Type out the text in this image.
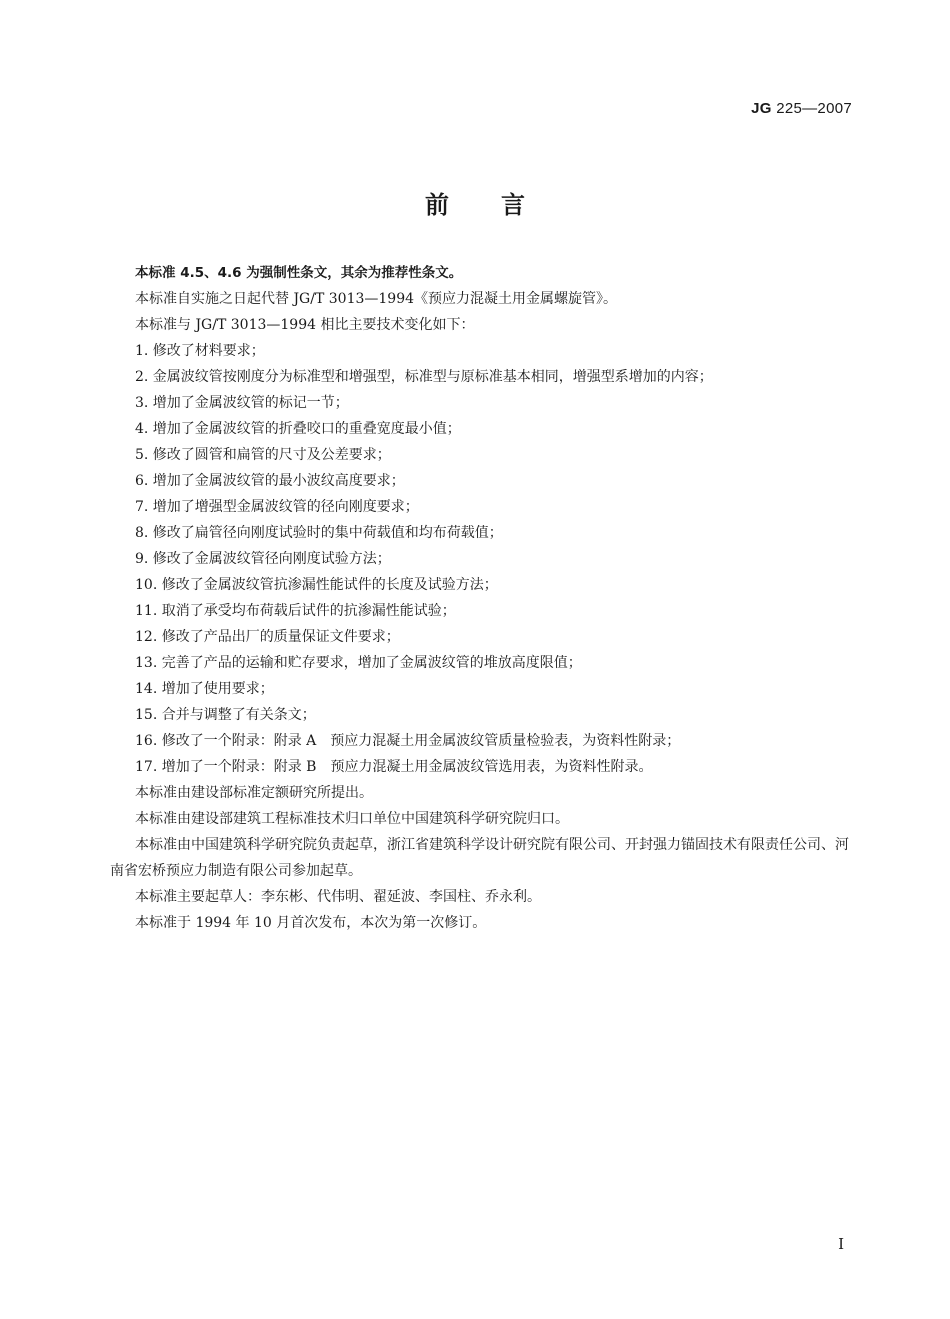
JG 225—2007
前言

本标准 4.5、4.6 为强制性条文，其余为推荐性条文。

本标准自实施之日起代替 JG/T 3013—1994《预应力混凝土用金属螺旋管》。

本标准与 JG/T 3013—1994 相比主要技术变化如下：

1. 修改了材料要求；

2. 金属波纹管按刚度分为标准型和增强型，标准型与原标准基本相同，增强型系增加的内容；

3. 增加了金属波纹管的标记一节；

4. 增加了金属波纹管的折叠咬口的重叠宽度最小值；

5. 修改了圆管和扁管的尺寸及公差要求；

6. 增加了金属波纹管的最小波纹高度要求；

7. 增加了增强型金属波纹管的径向刚度要求；

8. 修改了扁管径向刚度试验时的集中荷载值和均布荷载值；

9. 修改了金属波纹管径向刚度试验方法；

10. 修改了金属波纹管抗渗漏性能试件的长度及试验方法；

11. 取消了承受均布荷载后试件的抗渗漏性能试验；

12. 修改了产品出厂的质量保证文件要求；

13. 完善了产品的运输和贮存要求，增加了金属波纹管的堆放高度限值；

14. 增加了使用要求；

15. 合并与调整了有关条文；

16. 修改了一个附录：附录 A　预应力混凝土用金属波纹管质量检验表，为资料性附录；

17. 增加了一个附录：附录 B　预应力混凝土用金属波纹管选用表，为资料性附录。

本标准由建设部标准定额研究所提出。

本标准由建设部建筑工程标准技术归口单位中国建筑科学研究院归口。

本标准由中国建筑科学研究院负责起草，浙江省建筑科学设计研究院有限公司、开封强力锚固技术有限责任公司、河南省宏桥预应力制造有限公司参加起草。

本标准主要起草人：李东彬、代伟明、翟延波、李国柱、乔永利。

本标准于 1994 年 10 月首次发布，本次为第一次修订。

I
